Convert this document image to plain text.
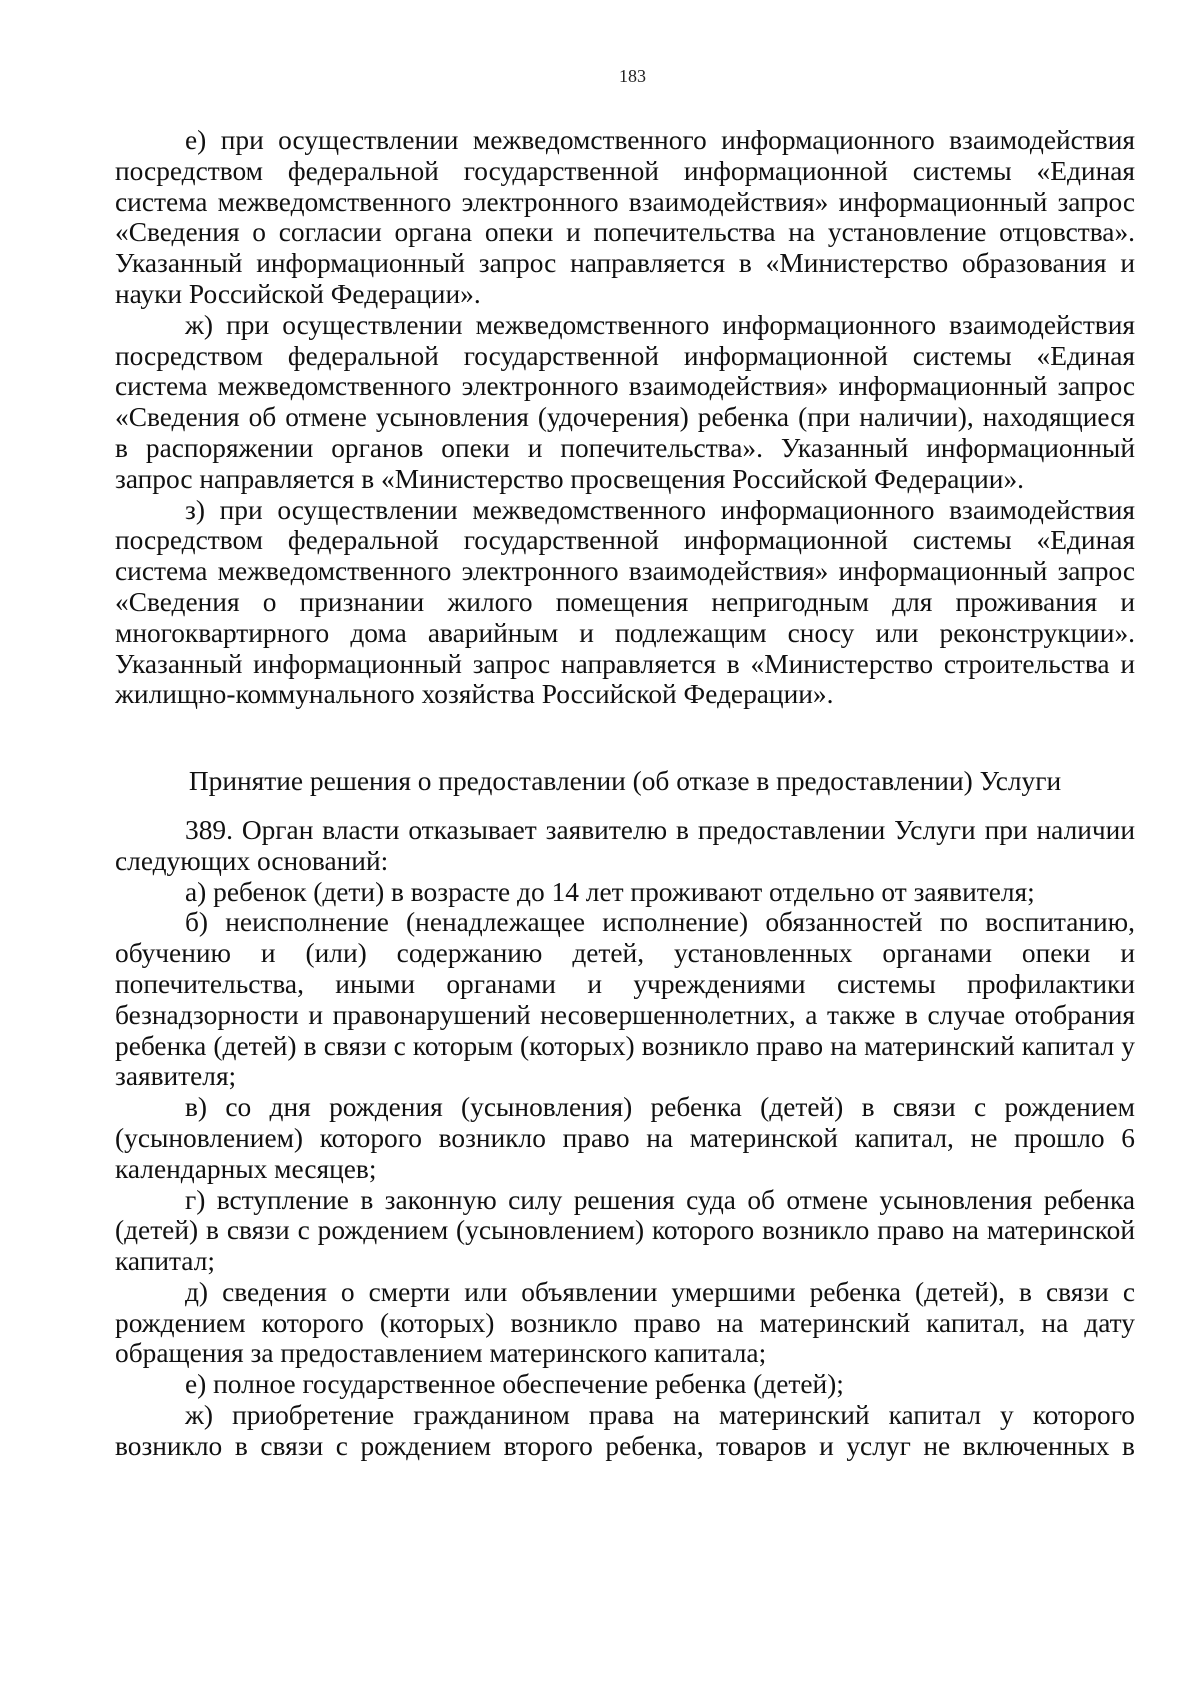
183

е) при осуществлении межведомственного информационного взаимодействия посредством федеральной государственной информационной системы «Единая система межведомственного электронного взаимодействия» информационный запрос «Сведения о согласии органа опеки и попечительства на установление отцовства». Указанный информационный запрос направляется в «Министерство образования и науки Российской Федерации».

ж) при осуществлении межведомственного информационного взаимодействия посредством федеральной государственной информационной системы «Единая система межведомственного электронного взаимодействия» информационный запрос «Сведения об отмене усыновления (удочерения) ребенка (при наличии), находящиеся в распоряжении органов опеки и попечительства». Указанный информационный запрос направляется в «Министерство просвещения Российской Федерации».

з) при осуществлении межведомственного информационного взаимодействия посредством федеральной государственной информационной системы «Единая система межведомственного электронного взаимодействия» информационный запрос «Сведения о признании жилого помещения непригодным для проживания и многоквартирного дома аварийным и подлежащим сносу или реконструкции». Указанный информационный запрос направляется в «Министерство строительства и жилищно-коммунального хозяйства Российской Федерации».

Принятие решения о предоставлении (об отказе в предоставлении) Услуги

389. Орган власти отказывает заявителю в предоставлении Услуги при наличии следующих оснований:

а) ребенок (дети) в возрасте до 14 лет проживают отдельно от заявителя;

б) неисполнение (ненадлежащее исполнение) обязанностей по воспитанию, обучению и (или) содержанию детей, установленных органами опеки и попечительства, иными органами и учреждениями системы профилактики безнадзорности и правонарушений несовершеннолетних, а также в случае отобрания ребенка (детей) в связи с которым (которых) возникло право на материнский капитал у заявителя;

в) со дня рождения (усыновления) ребенка (детей) в связи с рождением (усыновлением) которого возникло право на материнской капитал, не прошло 6 календарных месяцев;

г) вступление в законную силу решения суда об отмене усыновления ребенка (детей) в связи с рождением (усыновлением) которого возникло право на материнской капитал;

д) сведения о смерти или объявлении умершими ребенка (детей), в связи с рождением которого (которых) возникло право на материнский капитал, на дату обращения за предоставлением материнского капитала;

е) полное государственное обеспечение ребенка (детей);

ж) приобретение гражданином права на материнский капитал у которого возникло в связи с рождением второго ребенка, товаров и услуг не включенных в
